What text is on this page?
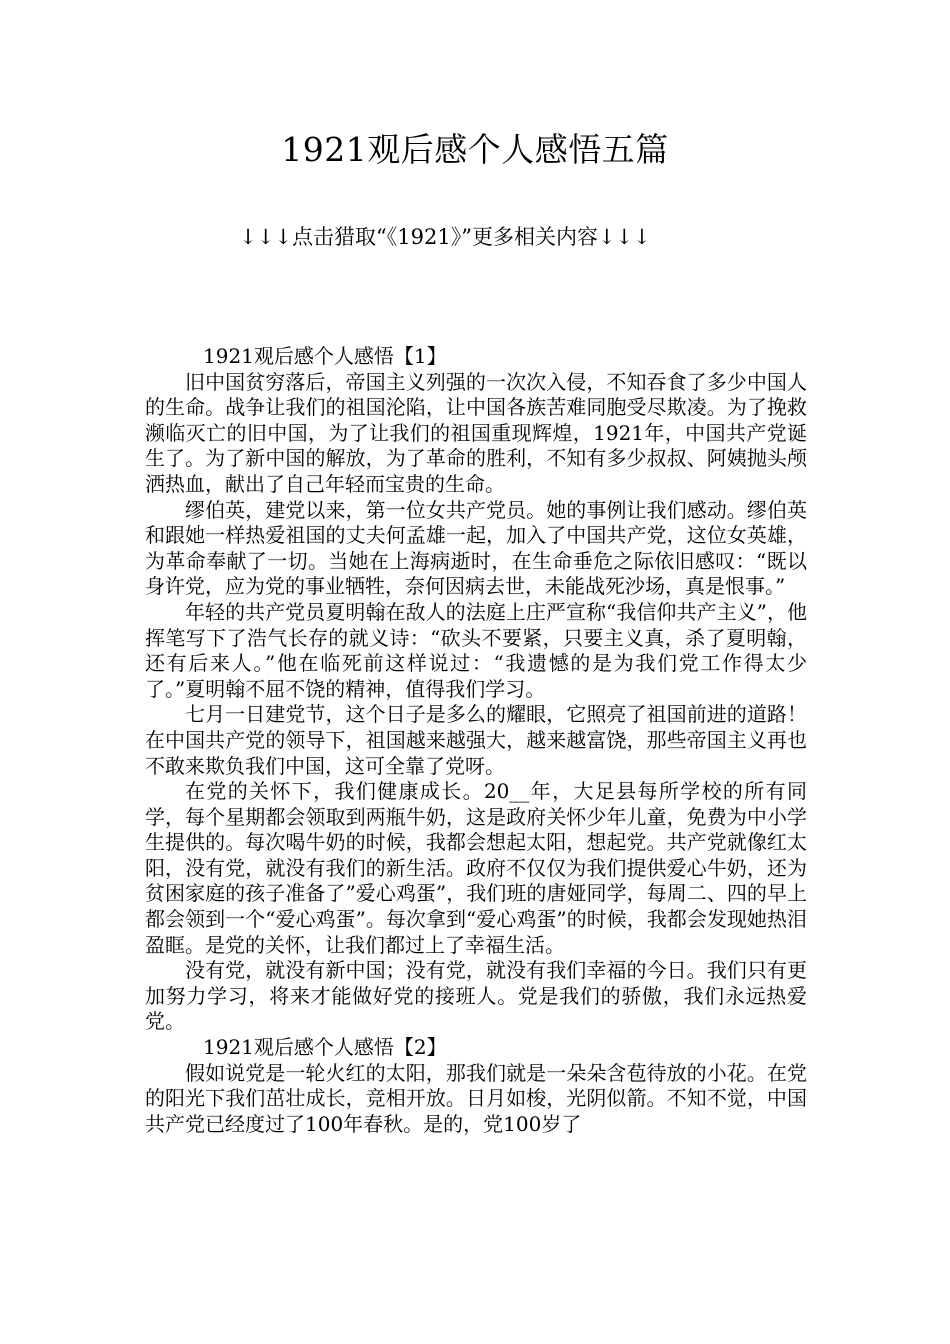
1921观后感个人感悟五篇
↓↓↓点击猎取“《1921》”更多相关内容↓↓↓

1921观后感个人感悟【1】

旧中国贫穷落后，帝国主义列强的一次次入侵，不知吞食了多少中国人的生命。战争让我们的祖国沦陷，让中国各族苦难同胞受尽欺凌。为了挽救濒临灭亡的旧中国，为了让我们的祖国重现辉煌，1921年，中国共产党诞生了。为了新中国的解放，为了革命的胜利，不知有多少叔叔、阿姨抛头颅洒热血，献出了自己年轻而宝贵的生命。

缪伯英，建党以来，第一位女共产党员。她的事例让我们感动。缪伯英和跟她一样热爱祖国的丈夫何孟雄一起，加入了中国共产党，这位女英雄，为革命奉献了一切。当她在上海病逝时，在生命垂危之际依旧感叹：“既以身许党，应为党的事业牺牲，奈何因病去世，未能战死沙场，真是恨事。”

年轻的共产党员夏明翰在敌人的法庭上庄严宣称“我信仰共产主义”，他挥笔写下了浩气长存的就义诗：“砍头不要紧，只要主义真，杀了夏明翰，还有后来人。”他在临死前这样说过：“我遗憾的是为我们党工作得太少了。”夏明翰不屈不饶的精神，值得我们学习。

七月一日建党节，这个日子是多么的耀眼，它照亮了祖国前进的道路！在中国共产党的领导下，祖国越来越强大，越来越富饶，那些帝国主义再也不敢来欺负我们中国，这可全靠了党呀。

在党的关怀下，我们健康成长。20__年，大足县每所学校的所有同学，每个星期都会领取到两瓶牛奶，这是政府关怀少年儿童，免费为中小学生提供的。每次喝牛奶的时候，我都会想起太阳，想起党。共产党就像红太阳，没有党，就没有我们的新生活。政府不仅仅为我们提供爱心牛奶，还为贫困家庭的孩子准备了”爱心鸡蛋”，我们班的唐娅同学，每周二、四的早上都会领到一个“爱心鸡蛋”。每次拿到“爱心鸡蛋”的时候，我都会发现她热泪盈眶。是党的关怀，让我们都过上了幸福生活。

没有党，就没有新中国；没有党，就没有我们幸福的今日。我们只有更加努力学习，将来才能做好党的接班人。党是我们的骄傲，我们永远热爱党。

1921观后感个人感悟【2】

假如说党是一轮火红的太阳，那我们就是一朵朵含苞待放的小花。在党的阳光下我们茁壮成长，竞相开放。日月如梭，光阴似箭。不知不觉，中国共产党已经度过了100年春秋。是的，党100岁了
